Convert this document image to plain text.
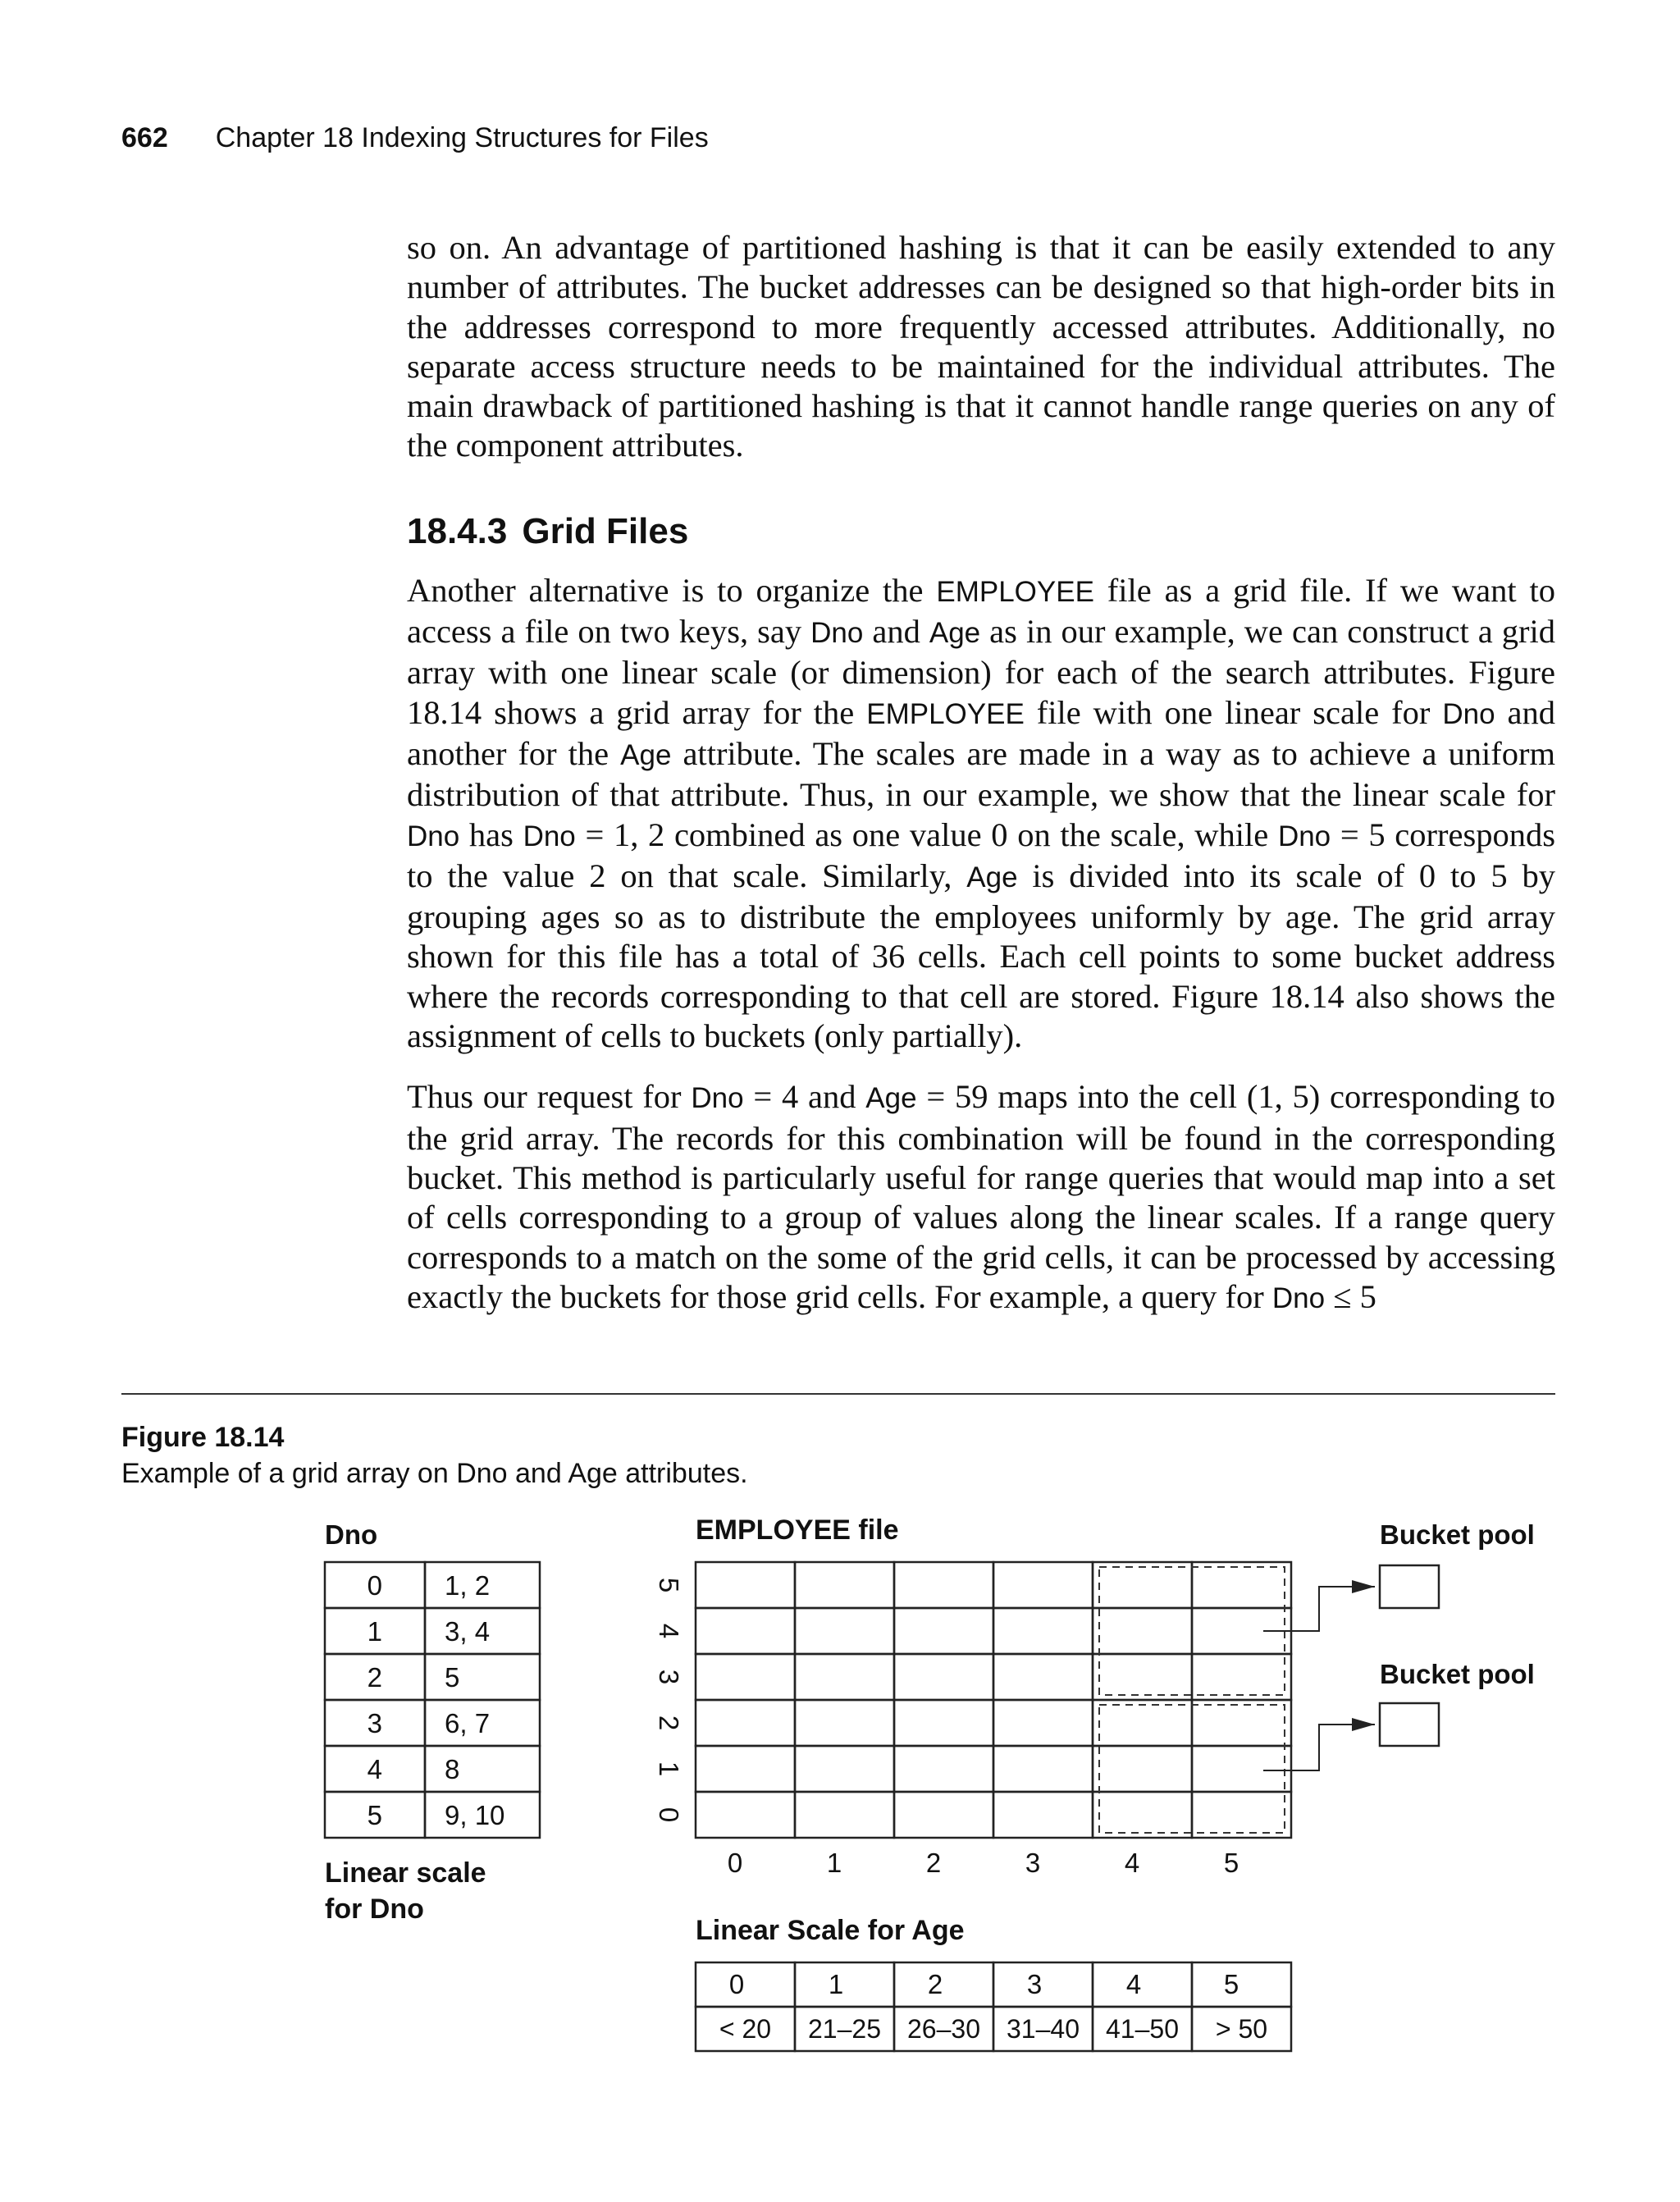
662 Chapter 18 Indexing Structures for Files

so on. An advantage of partitioned hashing is that it can be easily extended to any number of attributes. The bucket addresses can be designed so that high-order bits in the addresses correspond to more frequently accessed attributes. Additionally, no separate access structure needs to be maintained for the individual attributes. The main drawback of partitioned hashing is that it cannot handle range queries on any of the component attributes.

18.4.3 Grid Files

Another alternative is to organize the EMPLOYEE file as a grid file. If we want to access a file on two keys, say Dno and Age as in our example, we can construct a grid array with one linear scale (or dimension) for each of the search attributes. Figure 18.14 shows a grid array for the EMPLOYEE file with one linear scale for Dno and another for the Age attribute. The scales are made in a way as to achieve a uniform distribution of that attribute. Thus, in our example, we show that the linear scale for Dno has Dno = 1, 2 combined as one value 0 on the scale, while Dno = 5 corresponds to the value 2 on that scale. Similarly, Age is divided into its scale of 0 to 5 by grouping ages so as to distribute the employees uniformly by age. The grid array shown for this file has a total of 36 cells. Each cell points to some bucket address where the records corresponding to that cell are stored. Figure 18.14 also shows the assignment of cells to buckets (only partially).

Thus our request for Dno = 4 and Age = 59 maps into the cell (1, 5) corresponding to the grid array. The records for this combination will be found in the corresponding bucket. This method is particularly useful for range queries that would map into a set of cells corresponding to a group of values along the linear scales. If a range query corresponds to a match on the some of the grid cells, it can be processed by accessing exactly the buckets for those grid cells. For example, a query for Dno ≤ 5

Figure 18.14
Example of a grid array on Dno and Age attributes.
Dno
0 1, 2
1 3, 4
2 5
3 6, 7
4 8
5 9, 10
Linear scale
for Dno
EMPLOYEE file
5
4
3
2
1
0
0	1	2	3	4	5
Bucket pool
Bucket pool
Linear Scale for Age
0	1	2	3	4	5
< 20 21–25 26–30 31–40 41–50 > 50
